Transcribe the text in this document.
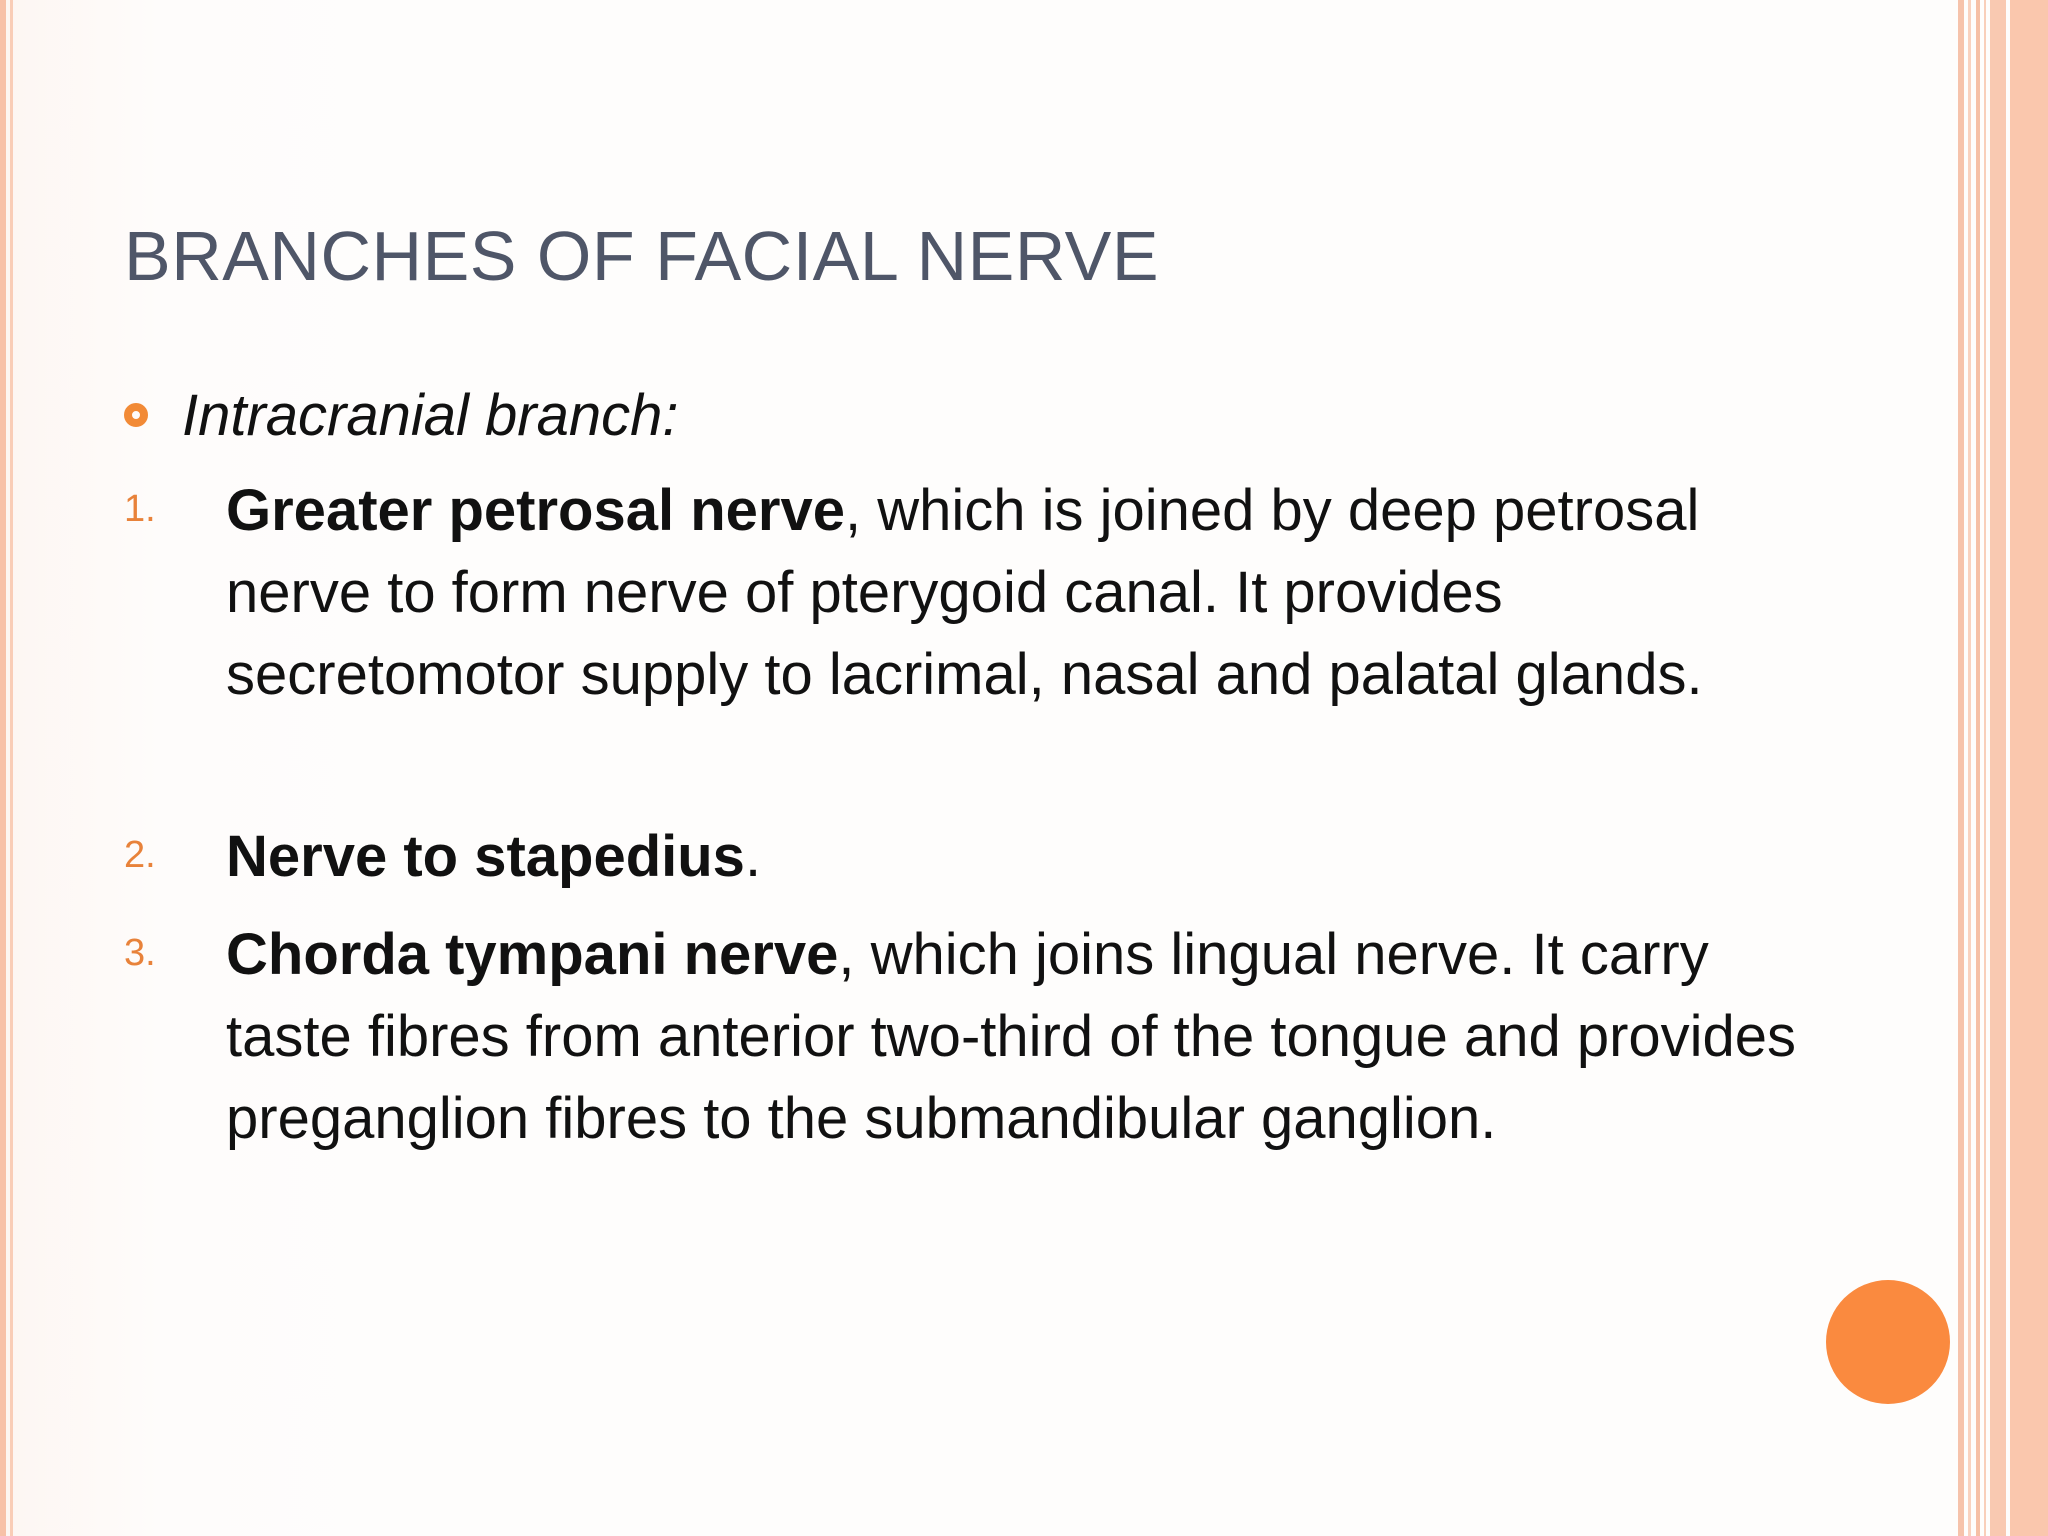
BRANCHES OF FACIAL NERVE
Intracranial branch:
1. Greater petrosal nerve, which is joined by deep petrosal nerve to form nerve of pterygoid canal. It provides secretomotor supply to lacrimal, nasal and palatal glands.
2. Nerve to stapedius.
3. Chorda tympani nerve, which joins lingual nerve. It carry taste fibres from anterior two-third of the tongue and provides preganglion fibres to the submandibular ganglion.
